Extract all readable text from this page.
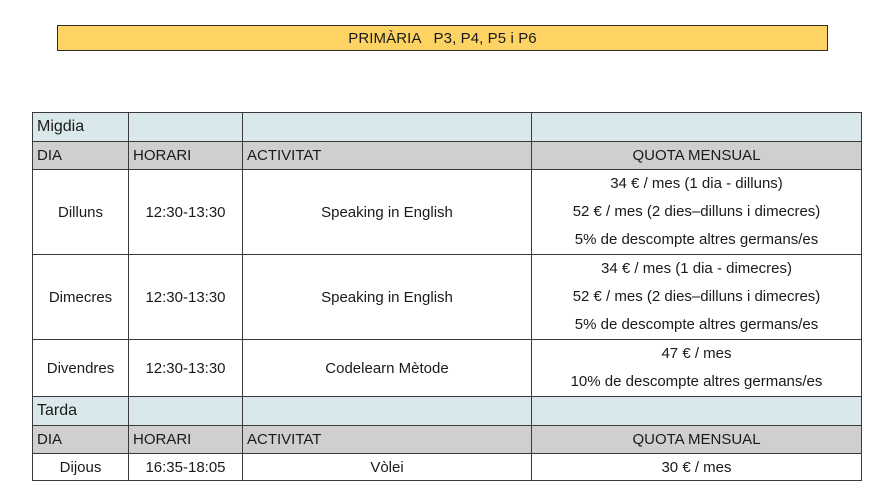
PRIMÀRIA   P3, P4, P5 i P6
Migdia			
DIA	HORARI	ACTIVITAT	QUOTA MENSUAL
Dilluns	12:30-13:30	Speaking in English	34 € / mes (1 dia - dilluns)
52 € / mes (2 dies–dilluns i dimecres)
5% de descompte altres germans/es

Dimecres	12:30-13:30	Speaking in English	34 € / mes (1 dia - dimecres)
52 € / mes (2 dies–dilluns i dimecres)
5% de descompte altres germans/es

Divendres	12:30-13:30	Codelearn Mètode	47 € / mes
10% de descompte altres germans/es

Tarda			
DIA	HORARI	ACTIVITAT	QUOTA MENSUAL
Dijous	16:35-18:05	Vòlei	30 € / mes
